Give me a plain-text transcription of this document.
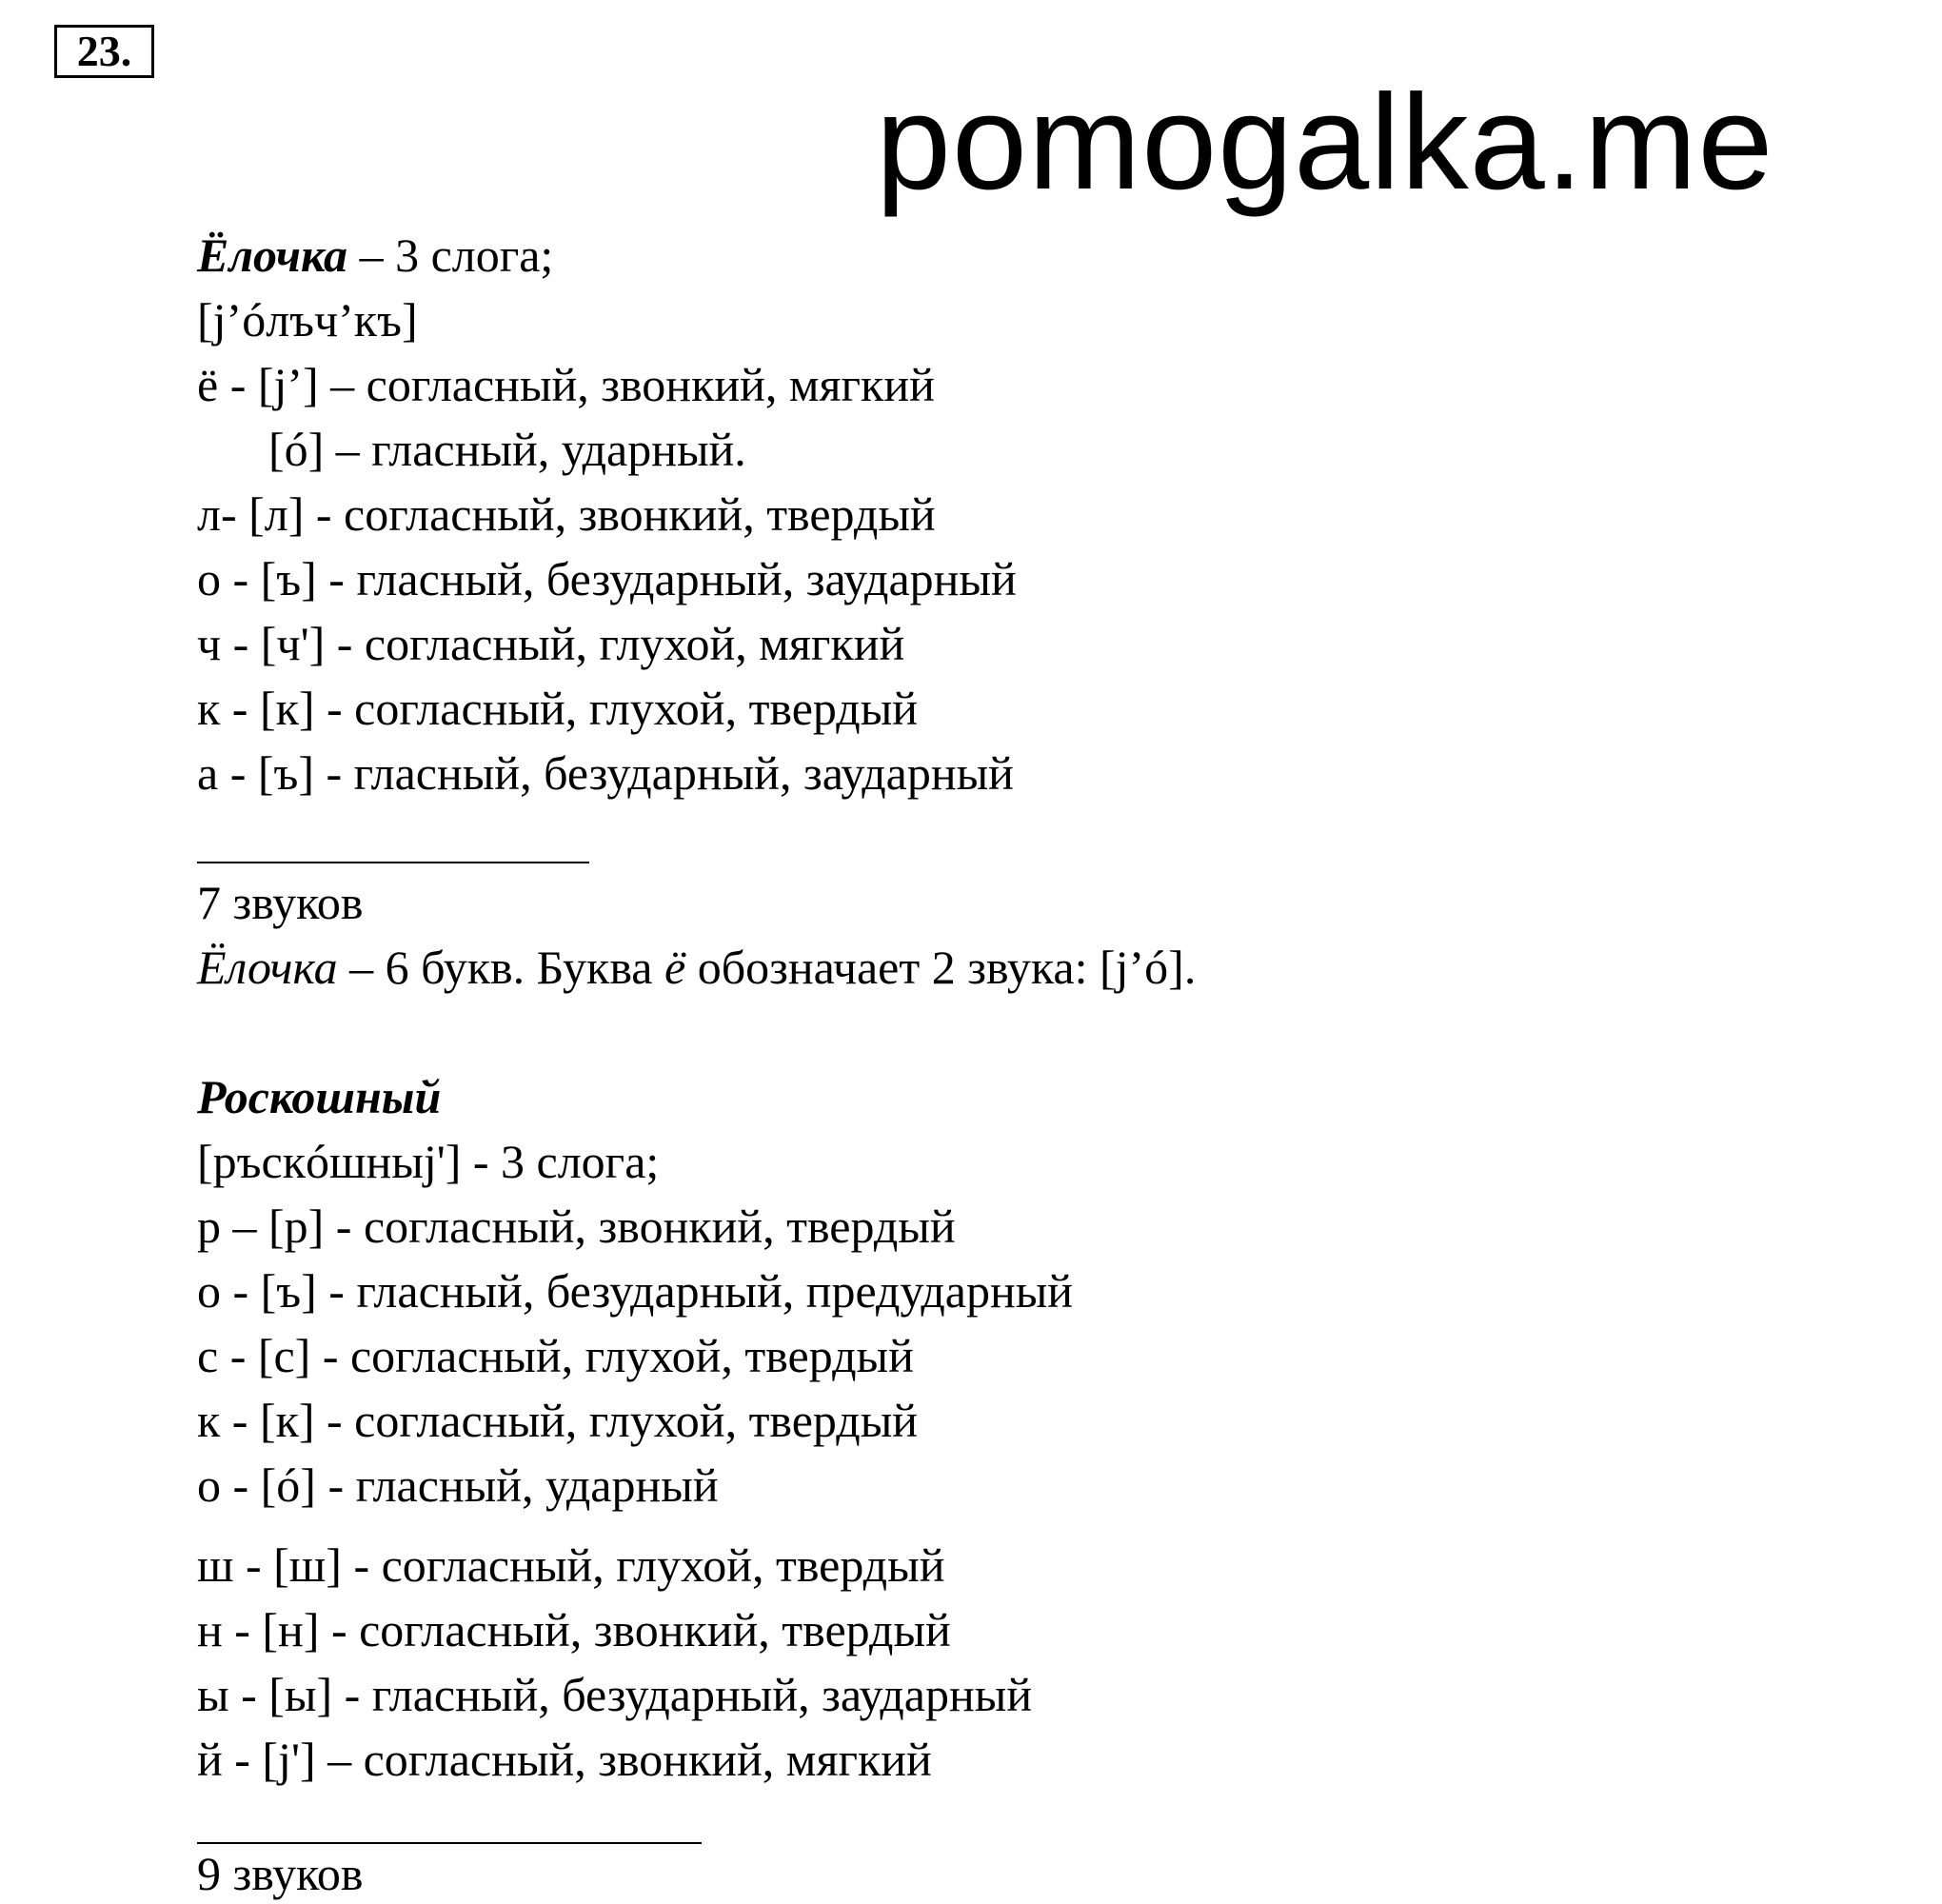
23.
pomogalka.me
Ёлочка – 3 слога;
[j’óлъч’къ]
ё - [j’] – согласный, звонкий, мягкий
[ó] – гласный, ударный.
л- [л] - согласный, звонкий, твердый
о - [ъ] - гласный, безударный, заударный
ч - [ч'] - согласный, глухой, мягкий
к - [к] - согласный, глухой, твердый
а - [ъ] - гласный, безударный, заударный
7 звуков
Ёлочка – 6 букв. Буква ё обозначает 2 звука: [j’ó].
Роскошный
[ръскóшныj'] - 3 слога;
р – [р] - согласный, звонкий, твердый
о - [ъ] - гласный, безударный, предударный
с - [с] - согласный, глухой, твердый
к - [к] - согласный, глухой, твердый
о - [ó] - гласный, ударный
ш - [ш] - согласный, глухой, твердый
н - [н] - согласный, звонкий, твердый
ы - [ы] - гласный, безударный, заударный
й - [j'] – согласный, звонкий, мягкий
9 звуков
